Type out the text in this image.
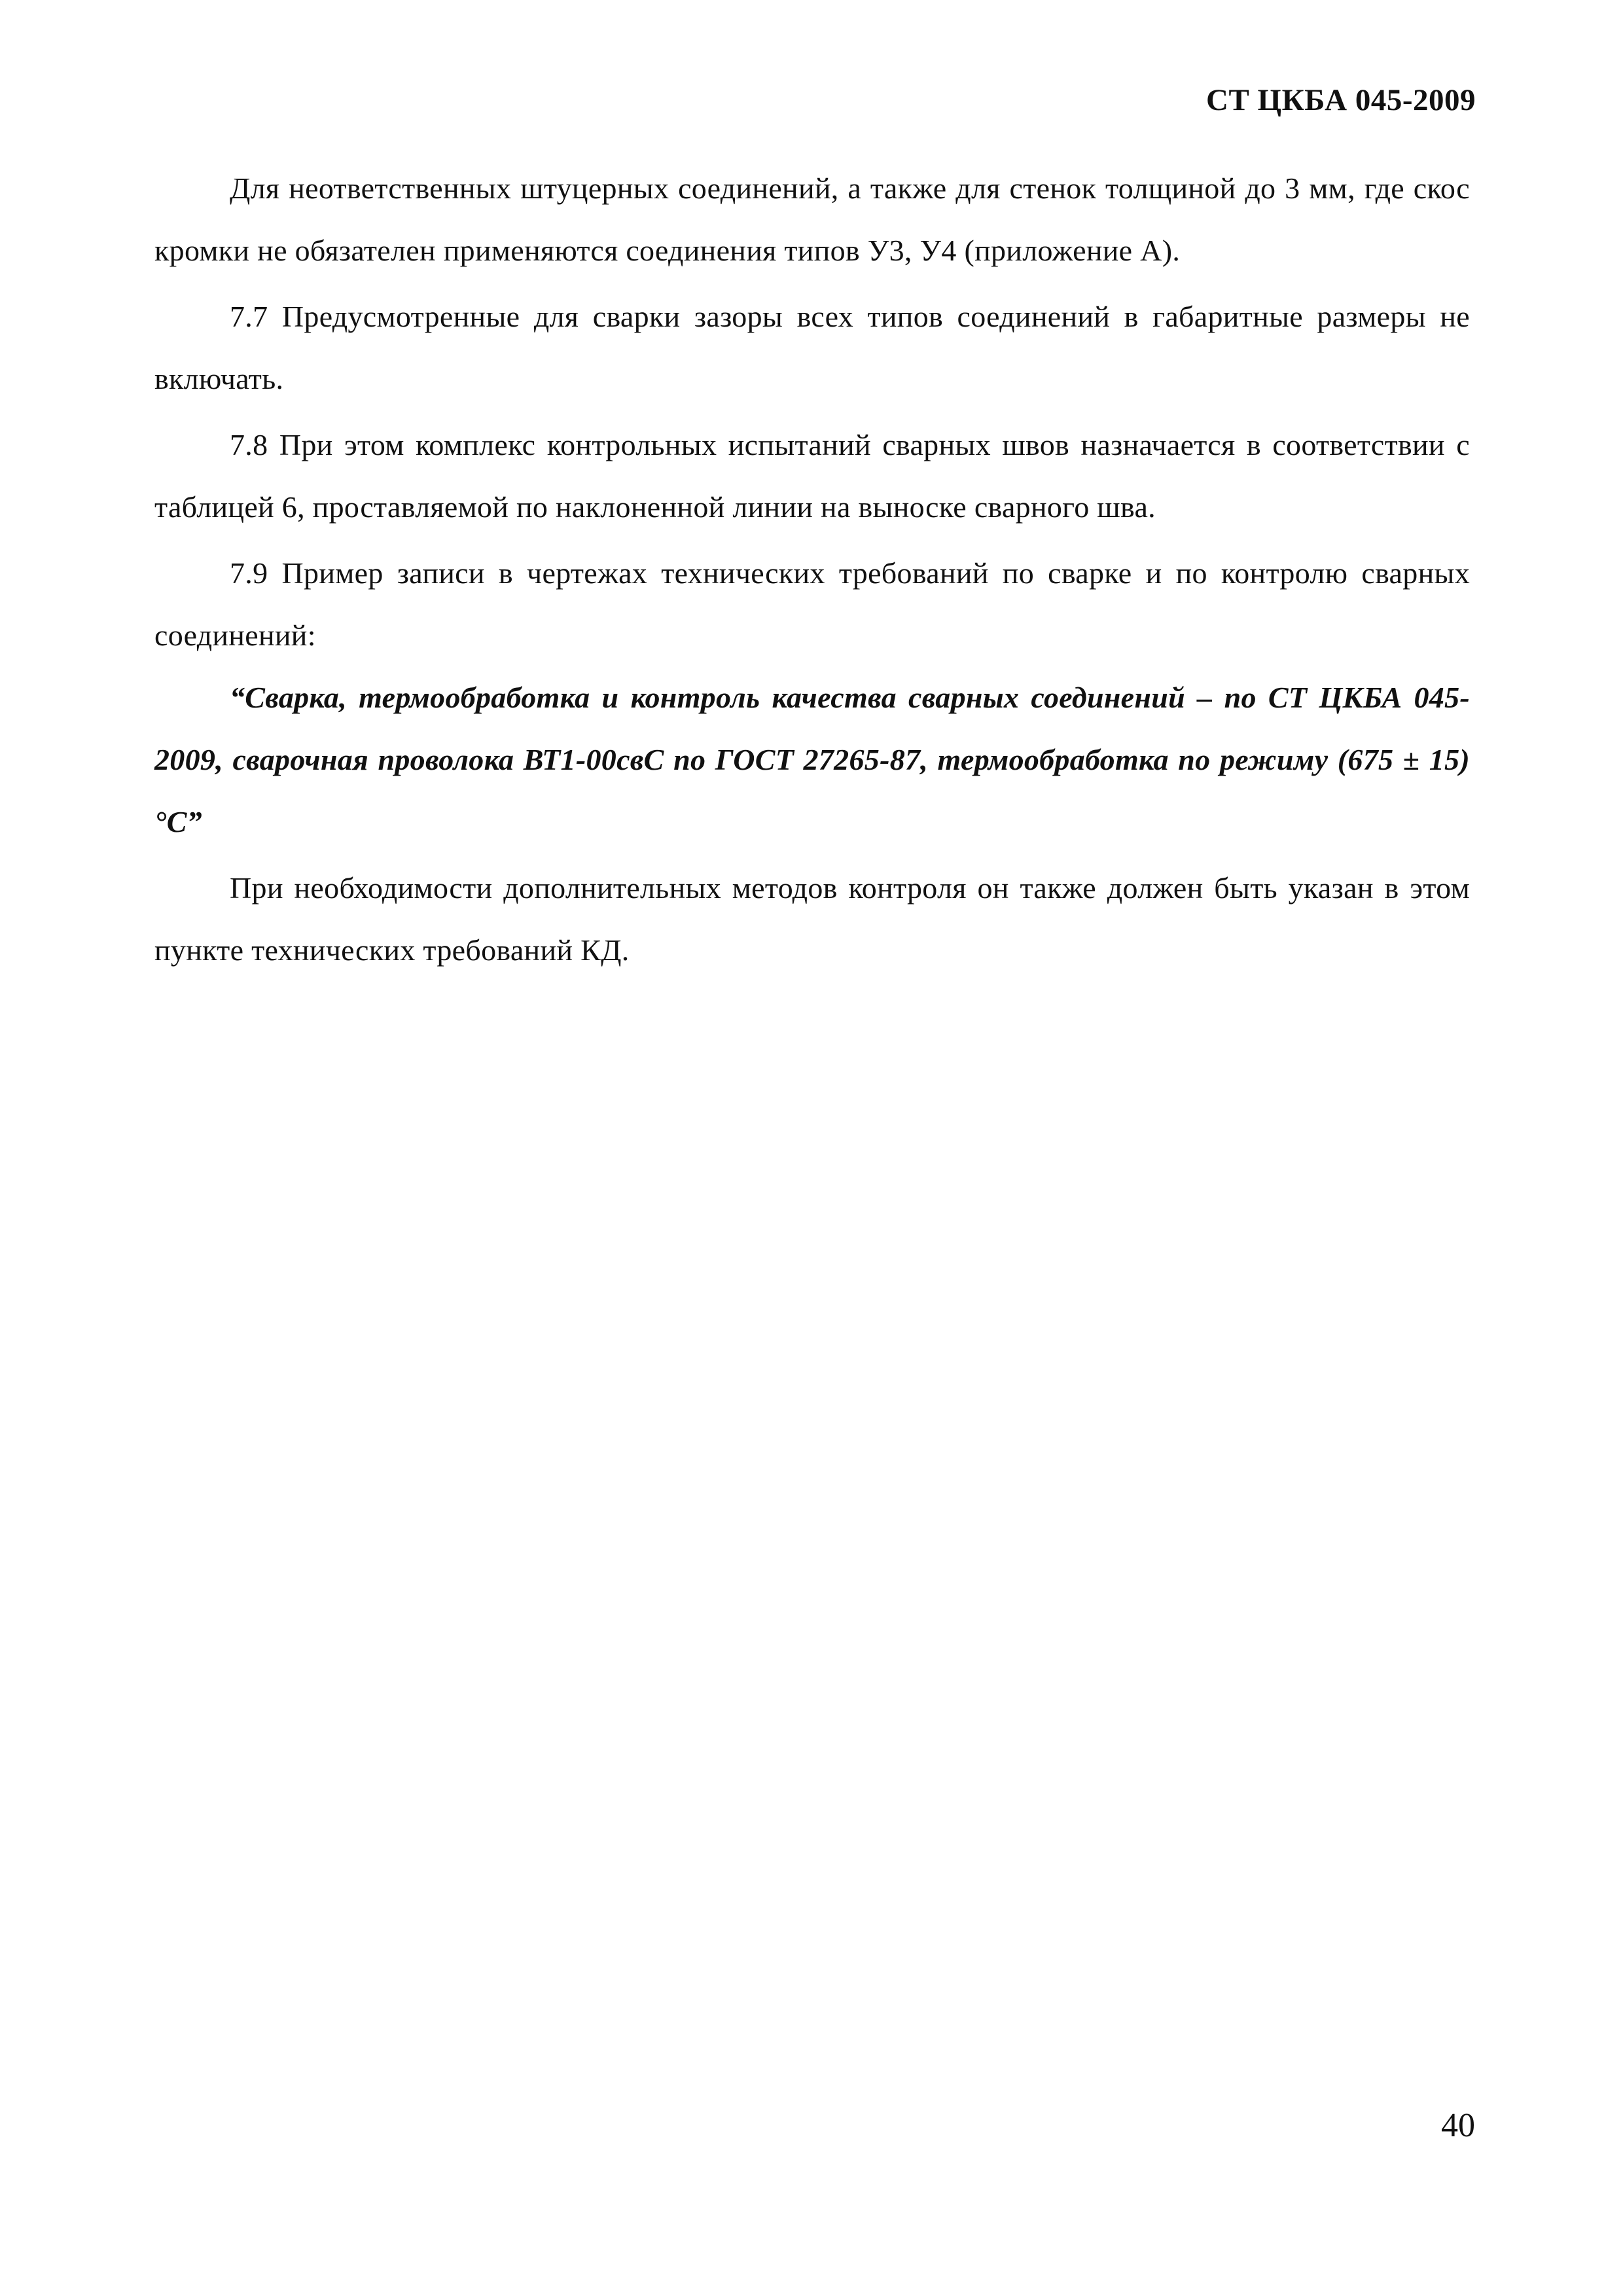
СТ ЦКБА 045-2009

Для неответственных штуцерных соединений, а также для стенок толщиной до 3 мм, где скос кромки не обязателен применяются соединения типов У3, У4 (приложение А).

7.7 Предусмотренные для сварки зазоры всех типов соединений в габаритные размеры не включать.

7.8 При этом комплекс контрольных испытаний сварных швов назначается в соответствии с таблицей 6, проставляемой по наклоненной линии на выноске сварного шва.

7.9 Пример записи в чертежах технических требований по сварке и по контролю сварных соединений:

“Сварка, термообработка и контроль качества сварных соединений – по СТ ЦКБА 045-2009, сварочная проволока ВТ1-00свС по ГОСТ 27265-87, термообработка по режиму (675 ± 15) °С”

При необходимости дополнительных методов контроля он также должен быть указан в этом пункте технических требований КД.

40
